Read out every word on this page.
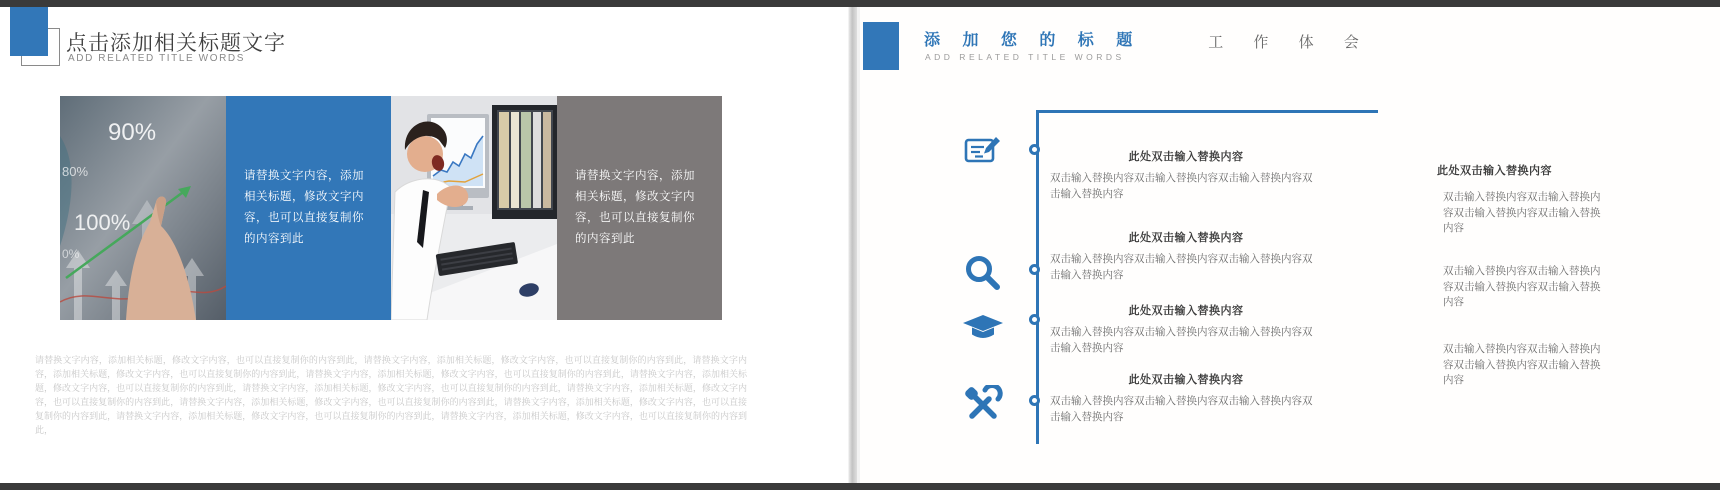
点击添加相关标题文字
ADD RELATED TITLE WORDS
90%
80%
100%
0%

请替换文字内容，添加相关标题，修改文字内容，也可以直接复制你的内容到此

请替换文字内容，添加相关标题，修改文字内容，也可以直接复制你的内容到此

请替换文字内容，添加相关标题，修改文字内容，也可以直接复制你的内容到此，请替换文字内容，添加相关标题，修改文字内容，也可以直接复制你的内容到此，请替换文字内容，添加相关标题，修改文字内容，也可以直接复制你的内容到此，请替换文字内容，添加相关标题，修改文字内容，也可以直接复制你的内容到此，请替换文字内容，添加相关标题，修改文字内容，也可以直接复制你的内容到此，请替换文字内容，添加相关标题，修改文字内容，也可以直接复制你的内容到此，请替换文字内容，添加相关标题，修改文字内容，也可以直接复制你的内容到此，请替换文字内容，添加相关标题，修改文字内容，也可以直接复制你的内容到此，请替换文字内容，添加相关标题，修改文字内容，也可以直接复制你的内容到此，请替换文字内容，添加相关标题，修改文字内容，也可以直接复制你的内容到此，请替换文字内容，添加相关标题，修改文字内容，也可以直接复制你的内容到此，

添 加 您 的 标 题
ADD RELATED TITLE WORDS
工 作 体 会
此处双击输入替换内容

双击输入替换内容双击输入替换内容双击输入替换内容双击输入替换内容

此处双击输入替换内容

双击输入替换内容双击输入替换内容双击输入替换内容双击输入替换内容

此处双击输入替换内容

双击输入替换内容双击输入替换内容双击输入替换内容双击输入替换内容

此处双击输入替换内容

双击输入替换内容双击输入替换内容双击输入替换内容双击输入替换内容

此处双击输入替换内容

双击输入替换内容双击输入替换内容双击输入替换内容双击输入替换内容

双击输入替换内容双击输入替换内容双击输入替换内容双击输入替换内容

双击输入替换内容双击输入替换内容双击输入替换内容双击输入替换内容
